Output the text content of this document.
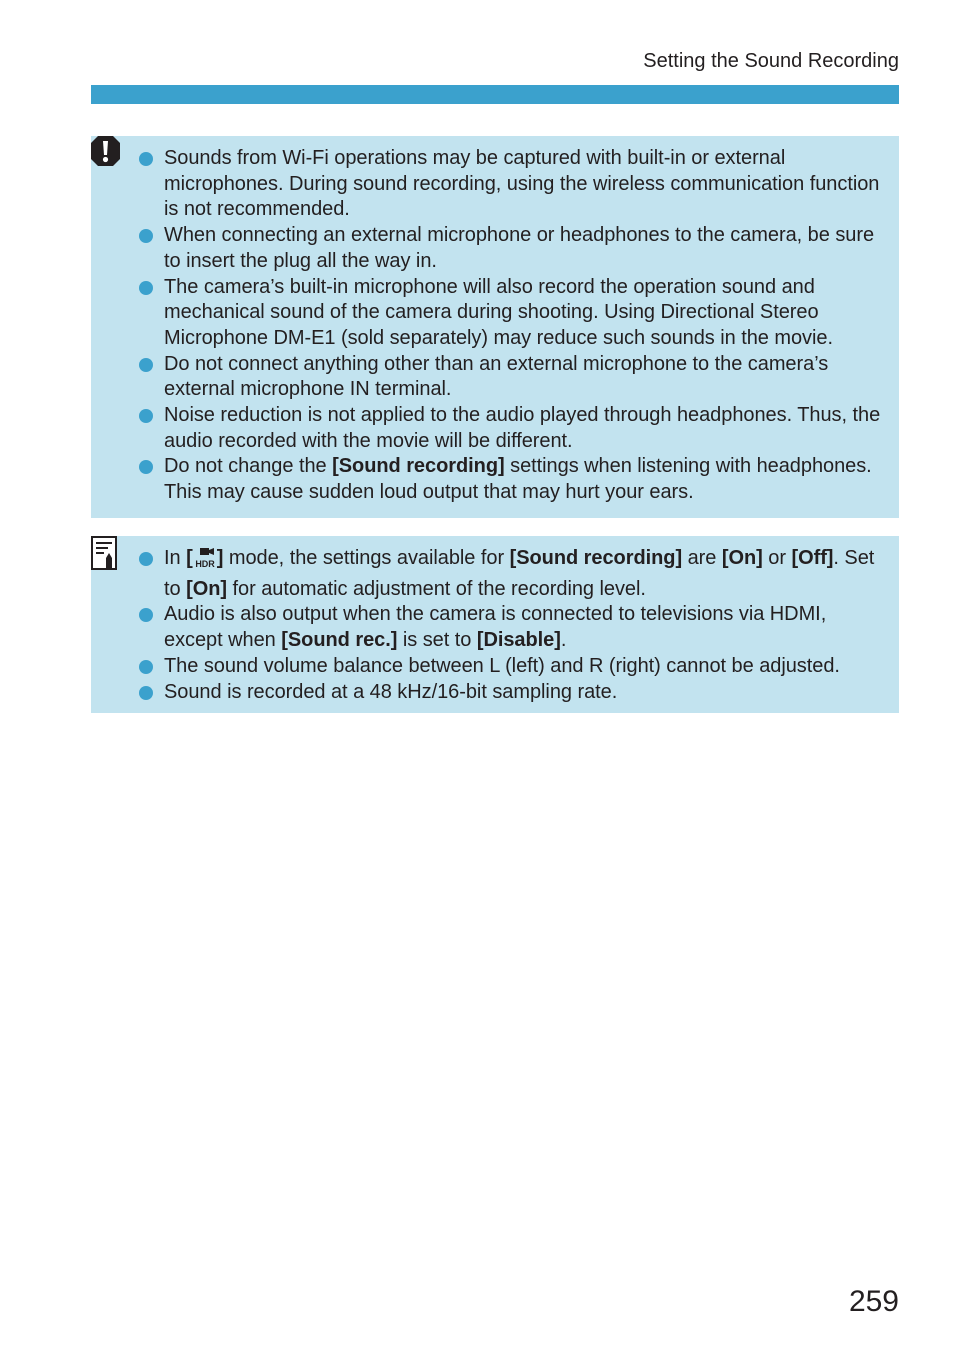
Setting the Sound Recording
Sounds from Wi-Fi operations may be captured with built-in or external microphones. During sound recording, using the wireless communication function is not recommended.
When connecting an external microphone or headphones to the camera, be sure to insert the plug all the way in.
The camera’s built-in microphone will also record the operation sound and mechanical sound of the camera during shooting. Using Directional Stereo Microphone DM-E1 (sold separately) may reduce such sounds in the movie.
Do not connect anything other than an external microphone to the camera’s external microphone IN terminal.
Noise reduction is not applied to the audio played through headphones. Thus, the audio recorded with the movie will be different.
Do not change the [Sound recording] settings when listening with headphones. This may cause sudden loud output that may hurt your ears.
In [ HDR ] mode, the settings available for [Sound recording] are [On] or [Off]. Set to [On] for automatic adjustment of the recording level.
Audio is also output when the camera is connected to televisions via HDMI, except when [Sound rec.] is set to [Disable].
The sound volume balance between L (left) and R (right) cannot be adjusted.
Sound is recorded at a 48 kHz/16-bit sampling rate.
259
